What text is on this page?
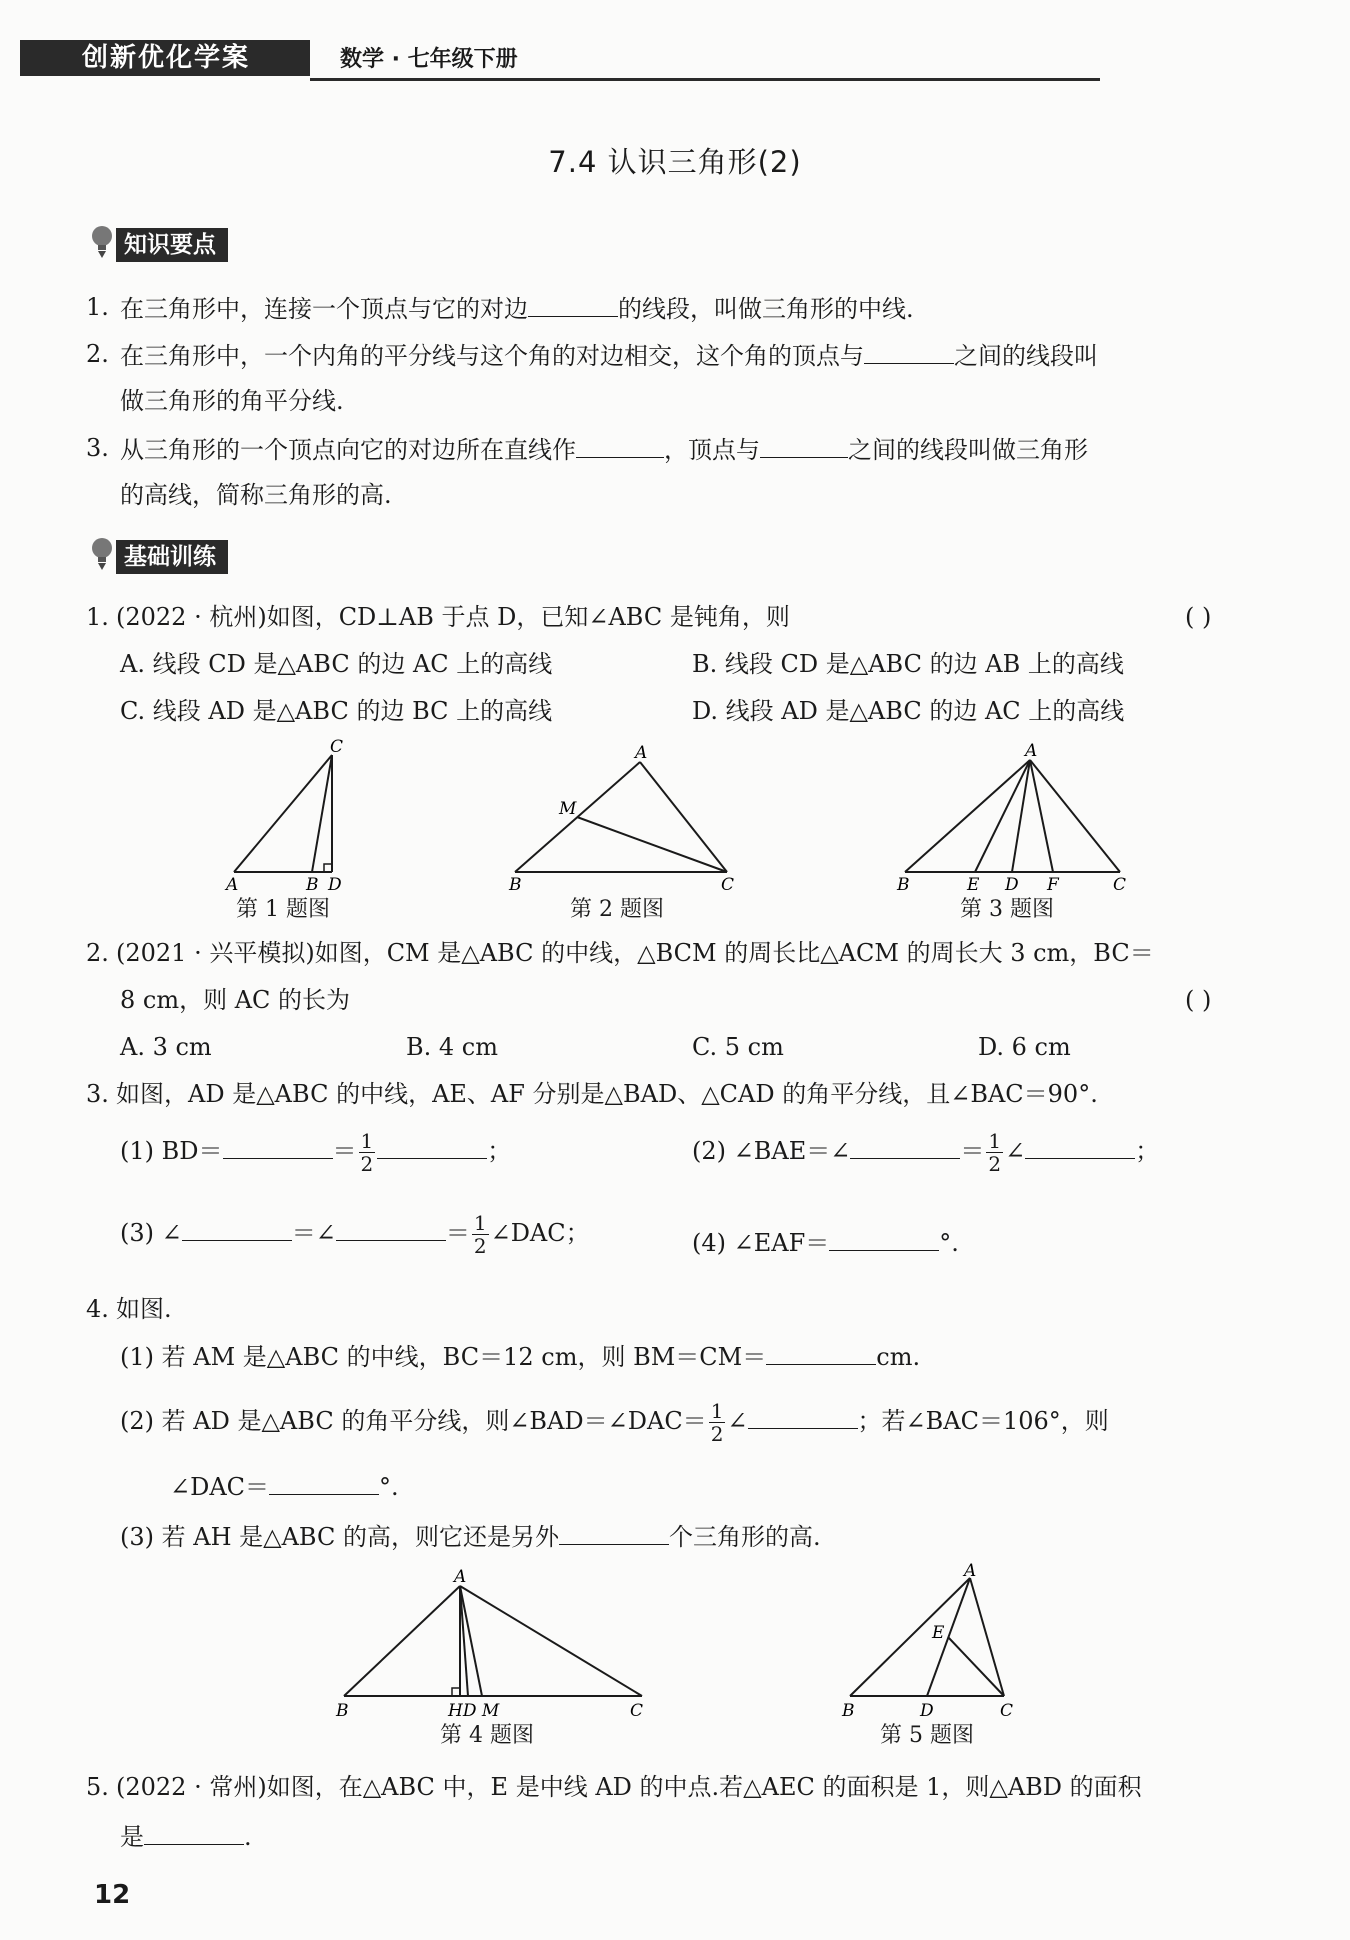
创新优化学案	数学 · 七年级下册
7.4 认识三角形(2)
知识要点
1. 在三角形中，连接一个顶点与它的对边	的线段，叫做三角形的中线.
2. 在三角形中，一个内角的平分线与这个角的对边相交，这个角的顶点与	之间的线段叫
做三角形的角平分线.
3. 从三角形的一个顶点向它的对边所在直线作	，顶点与	之间的线段叫做三角形
的高线，简称三角形的高.
基础训练
1. (2022 · 杭州)如图，CD⊥AB 于点 D，已知∠ABC 是钝角，则	( )
A. 线段 CD 是△ABC 的边 AC 上的高线	B. 线段 CD 是△ABC 的边 AB 上的高线
C. 线段 AD 是△ABC 的边 BC 上的高线	D. 线段 AD 是△ABC 的边 AC 上的高线
C
A	B D
第 1 题图
A
M
B	C
第 2 题图
A
B	E D F	C
第 3 题图
2. (2021 · 兴平模拟)如图，CM 是△ABC 的中线，△BCM 的周长比△ACM 的周长大 3 cm，BC＝
8 cm，则 AC 的长为	( )
A. 3 cm	B. 4 cm	C. 5 cm	D. 6 cm
3. 如图，AD 是△ABC 的中线，AE、AF 分别是△BAD、△CAD 的角平分线，且∠BAC＝90°.
(1) BD＝	＝ $\frac{1}{2}$	；	(2) ∠BAE＝∠	＝ $\frac{1}{2}$ ∠	；
(3) ∠	＝∠	＝ $\frac{1}{2}$ ∠DAC；	(4) ∠EAF＝	°.
4. 如图.
(1) 若 AM 是△ABC 的中线，BC＝12 cm，则 BM＝CM＝	cm.
(2) 若 AD 是△ABC 的角平分线，则∠BAD＝∠DAC＝ $\frac{1}{2}$ ∠	；若∠BAC＝106°，则
∠DAC＝	°.
(3) 若 AH 是△ABC 的高，则它还是另外	个三角形的高.
A
B	HD M	C
第 4 题图
A
E
B	D	C
第 5 题图
5. (2022 · 常州)如图，在△ABC 中，E 是中线 AD 的中点.若△AEC 的面积是 1，则△ABD 的面积
是	.
12
